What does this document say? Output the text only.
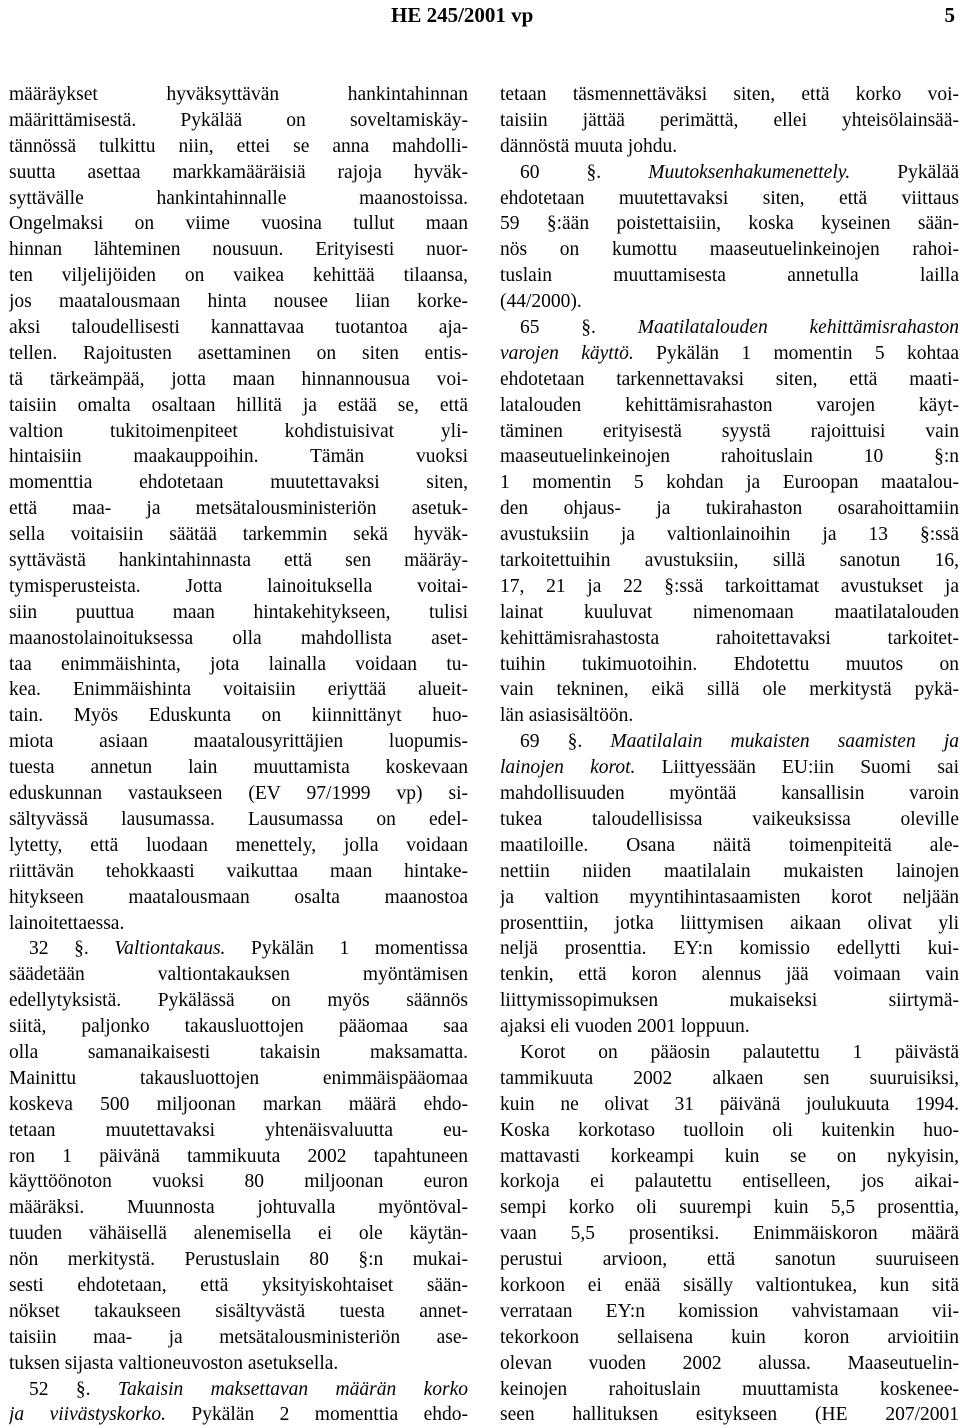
HE 245/2001 vp	5
määräykset hyväksyttävän hankintahinnan
määrittämisestä. Pykälää on soveltamiskäy-
tännössä tulkittu niin, ettei se anna mahdolli-
suutta asettaa markkamääräisiä rajoja hyväk-
syttävälle hankintahinnalle maanostoissa.
Ongelmaksi on viime vuosina tullut maan
hinnan lähteminen nousuun. Erityisesti nuor-
ten viljelijöiden on vaikea kehittää tilaansa,
jos maatalousmaan hinta nousee liian korke-
aksi taloudellisesti kannattavaa tuotantoa aja-
tellen. Rajoitusten asettaminen on siten entis-
tä tärkeämpää, jotta maan hinnannousua voi-
taisiin omalta osaltaan hillitä ja estää se, että
valtion tukitoimenpiteet kohdistuisivat yli-
hintaisiin maakauppoihin. Tämän vuoksi
momenttia ehdotetaan muutettavaksi siten,
että maa- ja metsätalousministeriön asetuk-
sella voitaisiin säätää tarkemmin sekä hyväk-
syttävästä hankintahinnasta että sen määräy-
tymisperusteista. Jotta lainoituksella voitai-
siin puuttua maan hintakehitykseen, tulisi
maanostolainoituksessa olla mahdollista aset-
taa enimmäishinta, jota lainalla voidaan tu-
kea. Enimmäishinta voitaisiin eriyttää alueit-
tain. Myös Eduskunta on kiinnittänyt huo-
miota asiaan maatalousyrittäjien luopumis-
tuesta annetun lain muuttamista koskevaan
eduskunnan vastaukseen (EV 97/1999 vp) si-
sältyvässä lausumassa. Lausumassa on edel-
lytetty, että luodaan menettely, jolla voidaan
riittävän tehokkaasti vaikuttaa maan hintake-
hitykseen maatalousmaan osalta maanostoa
lainoitettaessa.
32 §. Valtiontakaus. Pykälän 1 momentissa
säädetään valtiontakauksen myöntämisen
edellytyksistä. Pykälässä on myös säännös
siitä, paljonko takausluottojen pääomaa saa
olla samanaikaisesti takaisin maksamatta.
Mainittu takausluottojen enimmäispääomaa
koskeva 500 miljoonan markan määrä ehdo-
tetaan muutettavaksi yhtenäisvaluutta eu-
ron 1 päivänä tammikuuta 2002 tapahtuneen
käyttöönoton vuoksi 80 miljoonan euron
määräksi. Muunnosta johtuvalla myöntöval-
tuuden vähäisellä alenemisella ei ole käytän-
nön merkitystä. Perustuslain 80 §:n mukai-
sesti ehdotetaan, että yksityiskohtaiset sään-
nökset takaukseen sisältyvästä tuesta annet-
taisiin maa- ja metsätalousministeriön ase-
tuksen sijasta valtioneuvoston asetuksella.
52 §. Takaisin maksettavan määrän korko
ja viivästyskorko. Pykälän 2 momenttia ehdo-
tetaan täsmennettäväksi siten, että korko voi-
taisiin jättää perimättä, ellei yhteisölainsää-
dännöstä muuta johdu.
60 §. Muutoksenhakumenettely. Pykälää
ehdotetaan muutettavaksi siten, että viittaus
59 §:ään poistettaisiin, koska kyseinen sään-
nös on kumottu maaseutuelinkeinojen rahoi-
tuslain muuttamisesta annetulla lailla
(44/2000).
65 §. Maatilatalouden kehittämisrahaston
varojen käyttö. Pykälän 1 momentin 5 kohtaa
ehdotetaan tarkennettavaksi siten, että maati-
latalouden kehittämisrahaston varojen käyt-
täminen erityisestä syystä rajoittuisi vain
maaseutuelinkeinojen rahoituslain 10 §:n
1 momentin 5 kohdan ja Euroopan maatalou-
den ohjaus- ja tukirahaston osarahoittamiin
avustuksiin ja valtionlainoihin ja 13 §:ssä
tarkoitettuihin avustuksiin, sillä sanotun 16,
17, 21 ja 22 §:ssä tarkoittamat avustukset ja
lainat kuuluvat nimenomaan maatilatalouden
kehittämisrahastosta rahoitettavaksi tarkoitet-
tuihin tukimuotoihin. Ehdotettu muutos on
vain tekninen, eikä sillä ole merkitystä pykä-
län asiasisältöön.
69 §. Maatilalain mukaisten saamisten ja
lainojen korot. Liittyessään EU:iin Suomi sai
mahdollisuuden myöntää kansallisin varoin
tukea taloudellisissa vaikeuksissa oleville
maatiloille. Osana näitä toimenpiteitä ale-
nettiin niiden maatilalain mukaisten lainojen
ja valtion myyntihintasaamisten korot neljään
prosenttiin, jotka liittymisen aikaan olivat yli
neljä prosenttia. EY:n komissio edellytti kui-
tenkin, että koron alennus jää voimaan vain
liittymissopimuksen mukaiseksi siirtymä-
ajaksi eli vuoden 2001 loppuun.
Korot on pääosin palautettu 1 päivästä
tammikuuta 2002 alkaen sen suuruisiksi,
kuin ne olivat 31 päivänä joulukuuta 1994.
Koska korkotaso tuolloin oli kuitenkin huo-
mattavasti korkeampi kuin se on nykyisin,
korkoja ei palautettu entiselleen, jos aikai-
sempi korko oli suurempi kuin 5,5 prosenttia,
vaan 5,5 prosentiksi. Enimmäiskoron määrä
perustui arvioon, että sanotun suuruiseen
korkoon ei enää sisälly valtiontukea, kun sitä
verrataan EY:n komission vahvistamaan vii-
tekorkoon sellaisena kuin koron arvioitiin
olevan vuoden 2002 alussa. Maaseutuelin-
keinojen rahoituslain muuttamista koskenee-
seen hallituksen esitykseen (HE 207/2001
